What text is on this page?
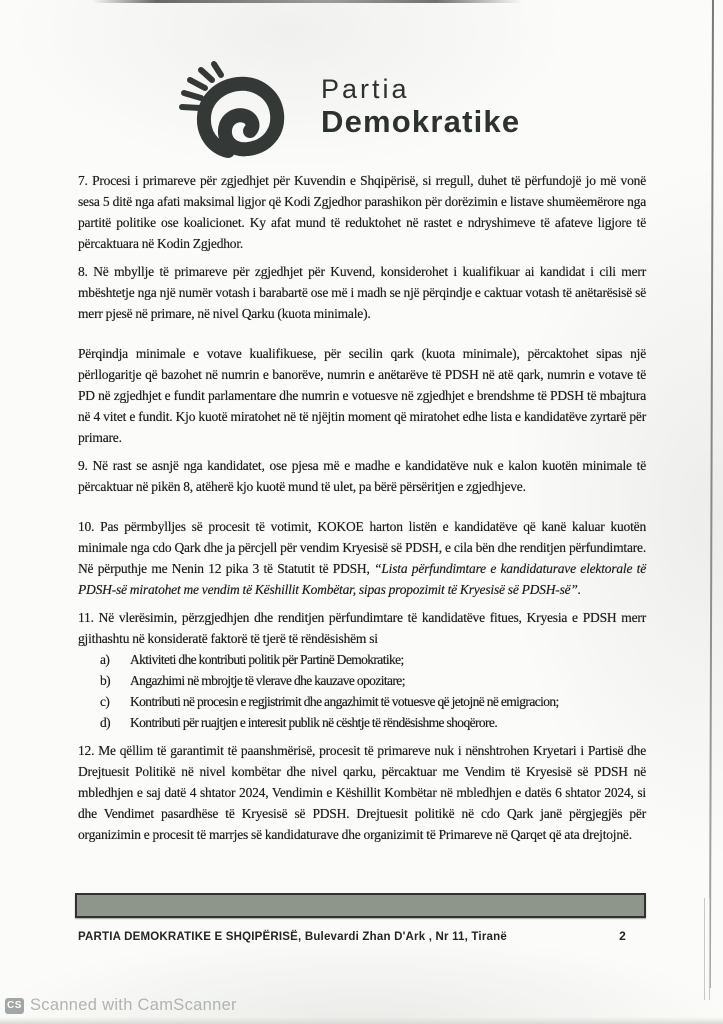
Partia
Demokratike

7. Procesi i primareve për zgjedhjet për Kuvendin e Shqipërisë, si rregull, duhet të përfundojë jo më vonë sesa 5 ditë nga afati maksimal ligjor që Kodi Zgjedhor parashikon për dorëzimin e listave shumëemërore nga partitë politike ose koalicionet. Ky afat mund të reduktohet në rastet e ndryshimeve të afateve ligjore të përcaktuara në Kodin Zgjedhor.

8. Në mbyllje të primareve për zgjedhjet për Kuvend, konsiderohet i kualifikuar ai kandidat i cili merr mbështetje nga një numër votash i barabartë ose më i madh se një përqindje e caktuar votash të anëtarësisë së merr pjesë në primare, në nivel Qarku (kuota minimale).

Përqindja minimale e votave kualifikuese, për secilin qark (kuota minimale), përcaktohet sipas një përllogaritje që bazohet në numrin e banorëve, numrin e anëtarëve të PDSH në atë qark, numrin e votave të PD në zgjedhjet e fundit parlamentare dhe numrin e votuesve në zgjedhjet e brendshme të PDSH të mbajtura në 4 vitet e fundit. Kjo kuotë miratohet në të njëjtin moment që miratohet edhe lista e kandidatëve zyrtarë për primare.

9. Në rast se asnjë nga kandidatet, ose pjesa më e madhe e kandidatëve nuk e kalon kuotën minimale të përcaktuar në pikën 8, atëherë kjo kuotë mund të ulet, pa bërë përsëritjen e zgjedhjeve.

10. Pas përmbylljes së procesit të votimit, KOKOE harton listën e kandidatëve që kanë kaluar kuotën minimale nga cdo Qark dhe ja përcjell për vendim Kryesisë së PDSH, e cila bën dhe renditjen përfundimtare. Në përputhje me Nenin 12 pika 3 të Statutit të PDSH, “Lista përfundimtare e kandidaturave elektorale të PDSH-së miratohet me vendim të Këshillit Kombëtar, sipas propozimit të Kryesisë së PDSH-së”.

11. Në vlerësimin, përzgjedhjen dhe renditjen përfundimtare të kandidatëve fitues, Kryesia e PDSH merr gjithashtu në konsideratë faktorë të tjerë të rëndësishëm si

a)	Aktiviteti dhe kontributi politik për Partinë Demokratike;
b)	Angazhimi në mbrojtje të vlerave dhe kauzave opozitare;
c)	Kontributi në procesin e regjistrimit dhe angazhimit të votuesve që jetojnë në emigracion;
d)	Kontributi për ruajtjen e interesit publik në cështje të rëndësishme shoqërore.

12. Me qëllim të garantimit të paanshmërisë, procesit të primareve nuk i nënshtrohen Kryetari i Partisë dhe Drejtuesit Politikë në nivel kombëtar dhe nivel qarku, përcaktuar me Vendim të Kryesisë së PDSH në mbledhjen e saj datë 4 shtator 2024, Vendimin e Këshillit Kombëtar në mbledhjen e datës 6 shtator 2024, si dhe Vendimet pasardhëse të Kryesisë së PDSH. Drejtuesit politikë në cdo Qark janë përgjegjës për organizimin e procesit të marrjes së kandidaturave dhe organizimit të Primareve në Qarqet që ata drejtojnë.

PARTIA DEMOKRATIKE E SHQIPËRISË, Bulevardi Zhan D'Ark , Nr 11, Tiranë	2
CS Scanned with CamScanner
